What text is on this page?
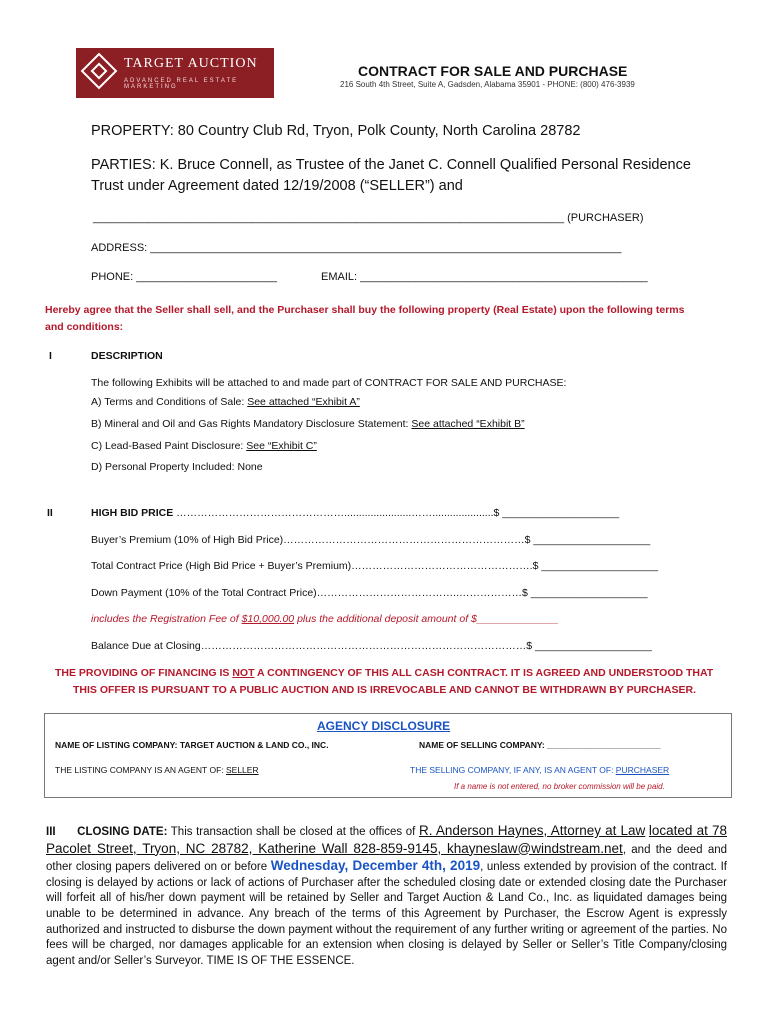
TARGET AUCTION
ADVANCED REAL ESTATE MARKETING
CONTRACT FOR SALE AND PURCHASE
216 South 4th Street, Suite A, Gadsden, Alabama 35901 - PHONE: (800) 476-3939
PROPERTY: 80 Country Club Rd, Tryon, Polk County, North Carolina 28782
PARTIES: K. Bruce Connell, as Trustee of the Janet C. Connell Qualified Personal Residence
Trust under Agreement dated 12/19/2008 (“SELLER”) and
_____________________________________________________________________________ (PURCHASER)
ADDRESS: _____________________________________________________________________________
PHONE: _______________________	EMAIL: _______________________________________________
Hereby agree that the Seller shall sell, and the Purchaser shall buy the following property (Real Estate) upon the following terms
and conditions:
I	DESCRIPTION
The following Exhibits will be attached to and made part of CONTRACT FOR SALE AND PURCHASE:
A) Terms and Conditions of Sale: See attached “Exhibit A”
B) Mineral and Oil and Gas Rights Mandatory Disclosure Statement: See attached “Exhibit B”
C) Lead-Based Paint Disclosure: See “Exhibit C”
D) Personal Property Included: None
II	HIGH BID PRICE ………………………………………….......................…….....................$ ____________________
Buyer’s Premium (10% of High Bid Price)……………………………………………………………$ ____________________
Total Contract Price (High Bid Price + Buyer’s Premium)…………………………………………….$ ____________________
Down Payment (10% of the Total Contract Price)…………………………………..………………$ ____________________
includes the Registration Fee of $10,000.00 plus the additional deposit amount of $______________
Balance Due at Closing…………………………………………………………………………………$ ____________________
THE PROVIDING OF FINANCING IS NOT A CONTINGENCY OF THIS ALL CASH CONTRACT. IT IS AGREED AND UNDERSTOOD THAT
THIS OFFER IS PURSUANT TO A PUBLIC AUCTION AND IS IRREVOCABLE AND CANNOT BE WITHDRAWN BY PURCHASER.
AGENCY DISCLOSURE
NAME OF LISTING COMPANY: TARGET AUCTION & LAND CO., INC.	NAME OF SELLING COMPANY: ________________________
THE LISTING COMPANY IS AN AGENT OF: SELLER	THE SELLING COMPANY, IF ANY, IS AN AGENT OF: PURCHASER
If a name is not entered, no broker commission will be paid.
III CLOSING DATE: This transaction shall be closed at the offices of R. Anderson Haynes, Attorney at Law located at 78 Pacolet Street, Tryon, NC 28782, Katherine Wall 828-859-9145, khayneslaw@windstream.net, and the deed and other closing papers delivered on or before Wednesday, December 4th, 2019, unless extended by provision of the contract. If closing is delayed by actions or lack of actions of Purchaser after the scheduled closing date or extended closing date the Purchaser will forfeit all of his/her down payment will be retained by Seller and Target Auction & Land Co., Inc. as liquidated damages being unable to be determined in advance. Any breach of the terms of this Agreement by Purchaser, the Escrow Agent is expressly authorized and instructed to disburse the down payment without the requirement of any further writing or agreement of the parties. No fees will be charged, nor damages applicable for an extension when closing is delayed by Seller or Seller’s Title Company/closing agent and/or Seller’s Surveyor. TIME IS OF THE ESSENCE.
